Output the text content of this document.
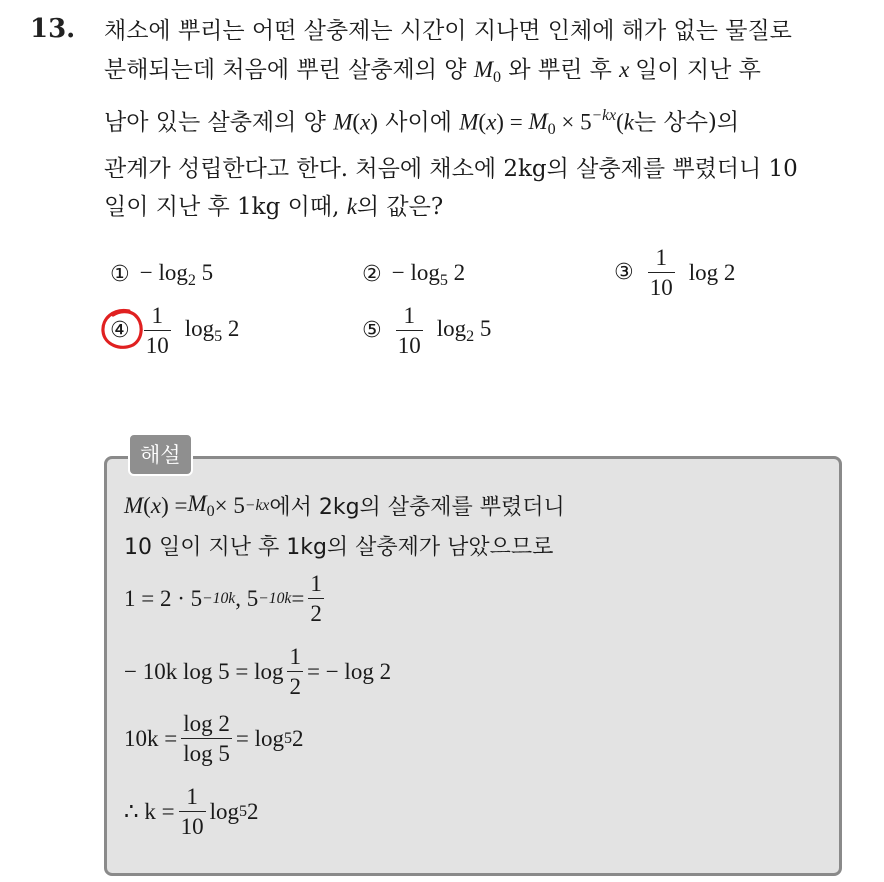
13. 채소에 뿌리는 어떤 살충제는 시간이 지나면 인체에 해가 없는 물질로
분해되는데 처음에 뿌린 살충제의 양 $M_0$ 와 뿌린 후 x 일이 지난 후
남아 있는 살충제의 양 M(x) 사이에 $M(x) = M_0 \times 5^{-kx}(k$는 상수)의
관계가 성립한다고 한다. 처음에 채소에 2kg의 살충제를 뿌렸더니 10
일이 지난 후 1kg 이때, k의 값은?
① − $\log_2 5$	② − $\log_5 2$	③ $\frac{1}{10}$ log 2
④ $\frac{1}{10} \log_5 2$	⑤ $\frac{1}{10} \log_2 5$
해설
M ( x ) = $M_0 \times 5 -kx$ 에서 2kg의 살충제를 뿌렸더니
10 일이 지난 후 1kg의 살충제가 남았으므로
1 = 2 · 5 −10k , $5 -10k = \frac{1}{2}$
− 10k $\log 5 = \log \frac{1}{2}$ = − log 2
$10k = \frac{\log 2}{\log 5} = \log 5$ 2
∴ $k = \frac{1}{10}$ log 5 2
